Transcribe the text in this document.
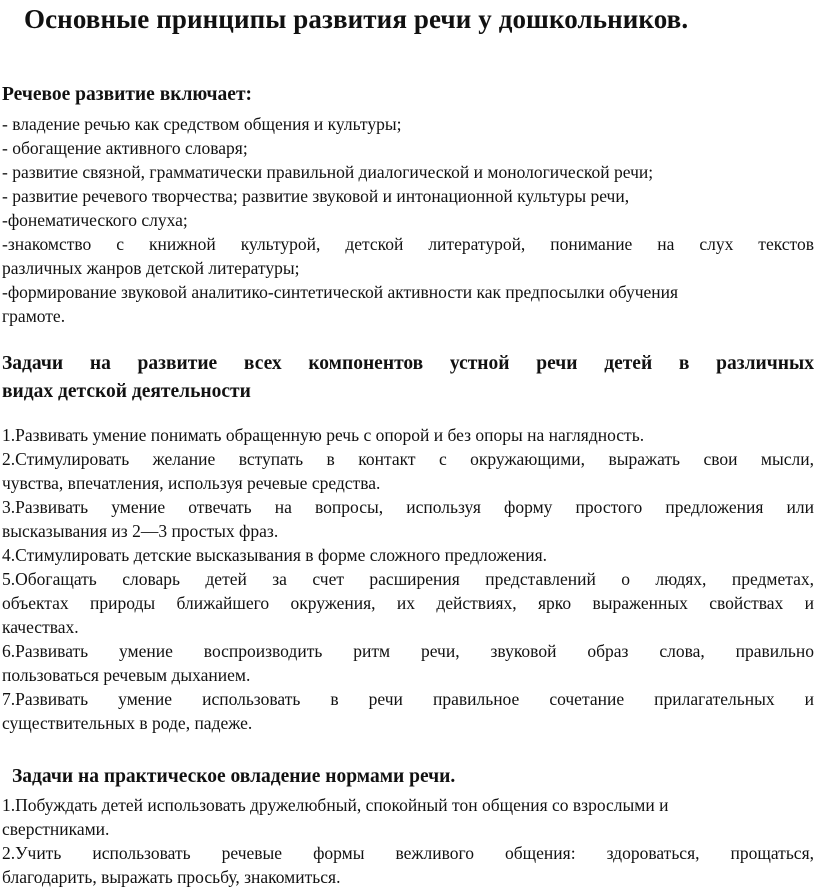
Основные принципы развития речи у дошкольников.
Речевое развитие включает:
- владение речью как средством общения и культуры;
- обогащение активного словаря;
- развитие связной, грамматически правильной диалогической и монологической речи;
- развитие речевого творчества; развитие звуковой и интонационной культуры речи,
-фонематического слуха;
-знакомство с книжной культурой, детской литературой, понимание на слух текстов
различных жанров детской литературы;
-формирование звуковой аналитико-синтетической активности как предпосылки обучения
грамоте.
Задачи на развитие всех компонентов устной речи детей в различных
видах детской деятельности
1.Развивать умение понимать обращенную речь с опорой и без опоры на наглядность.
2.Стимулировать желание вступать в контакт с окружающими, выражать свои мысли,
чувства, впечатления, используя речевые средства.
3.Развивать умение отвечать на вопросы, используя форму простого предложения или
высказывания из 2—3 простых фраз.
4.Стимулировать детские высказывания в форме сложного предложения.
5.Обогащать словарь детей за счет расширения представлений о людях, предметах,
объектах природы ближайшего окружения, их действиях, ярко выраженных свойствах и
качествах.
6.Развивать умение воспроизводить ритм речи, звуковой образ слова, правильно
пользоваться речевым дыханием.
7.Развивать умение использовать в речи правильное сочетание прилагательных и
существительных в роде, падеже.
Задачи на практическое овладение нормами речи.
1.Побуждать детей использовать дружелюбный, спокойный тон общения со взрослыми и
сверстниками.
2.Учить использовать речевые формы вежливого общения: здороваться, прощаться,
благодарить, выражать просьбу, знакомиться.
